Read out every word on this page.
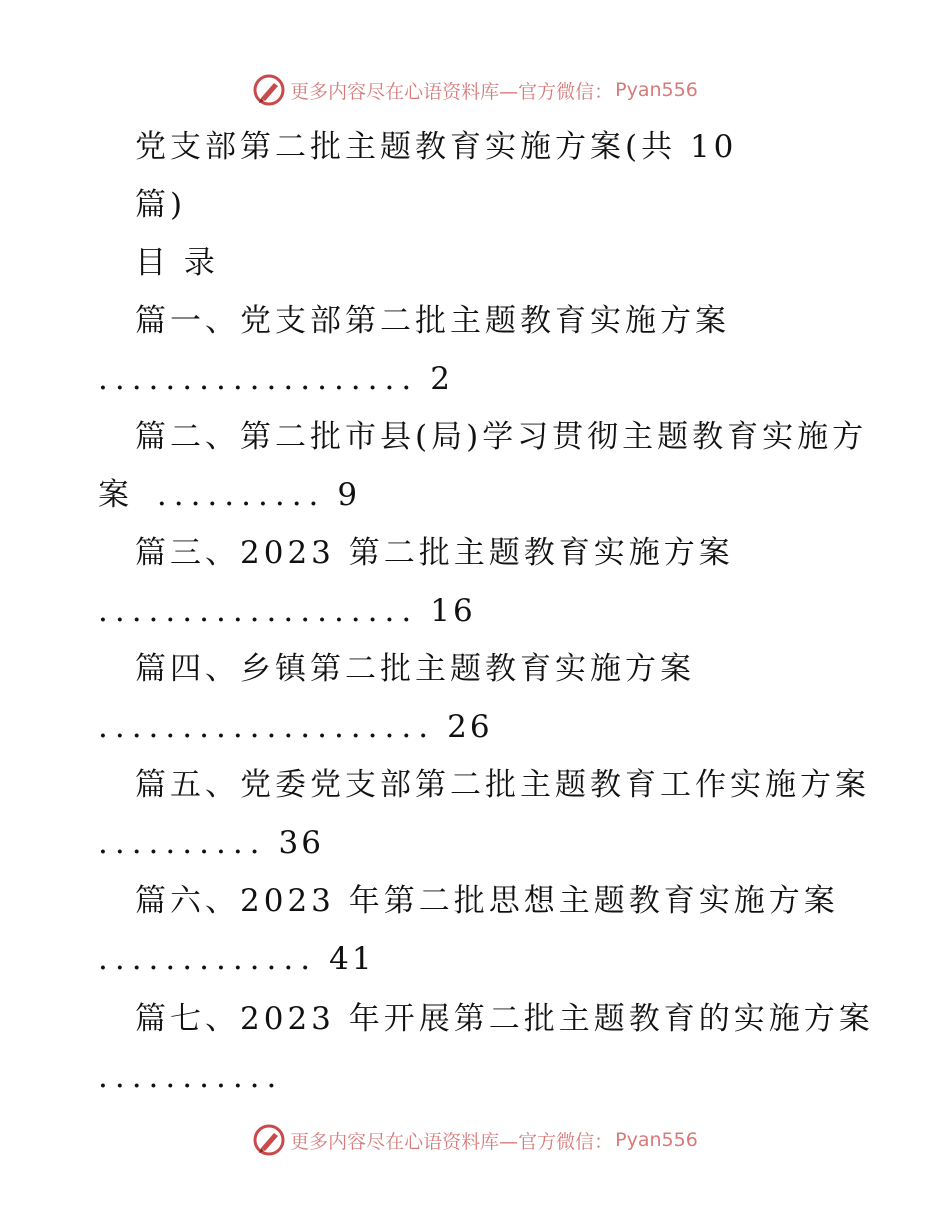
更多内容尽在心语资料库—官方微信： Pyan556
党支部第二批主题教育实施方案(共 10
篇)
目 录
篇一、党支部第二批主题教育实施方案
................... 2
篇二、第二批市县(局)学习贯彻主题教育实施方
案 .......... 9
篇三、2023 第二批主题教育实施方案
................... 16
篇四、乡镇第二批主题教育实施方案
.................... 26
篇五、党委党支部第二批主题教育工作实施方案
.......... 36
篇六、2023 年第二批思想主题教育实施方案
............. 41
篇七、2023 年开展第二批主题教育的实施方案
...........
更多内容尽在心语资料库—官方微信： Pyan556
